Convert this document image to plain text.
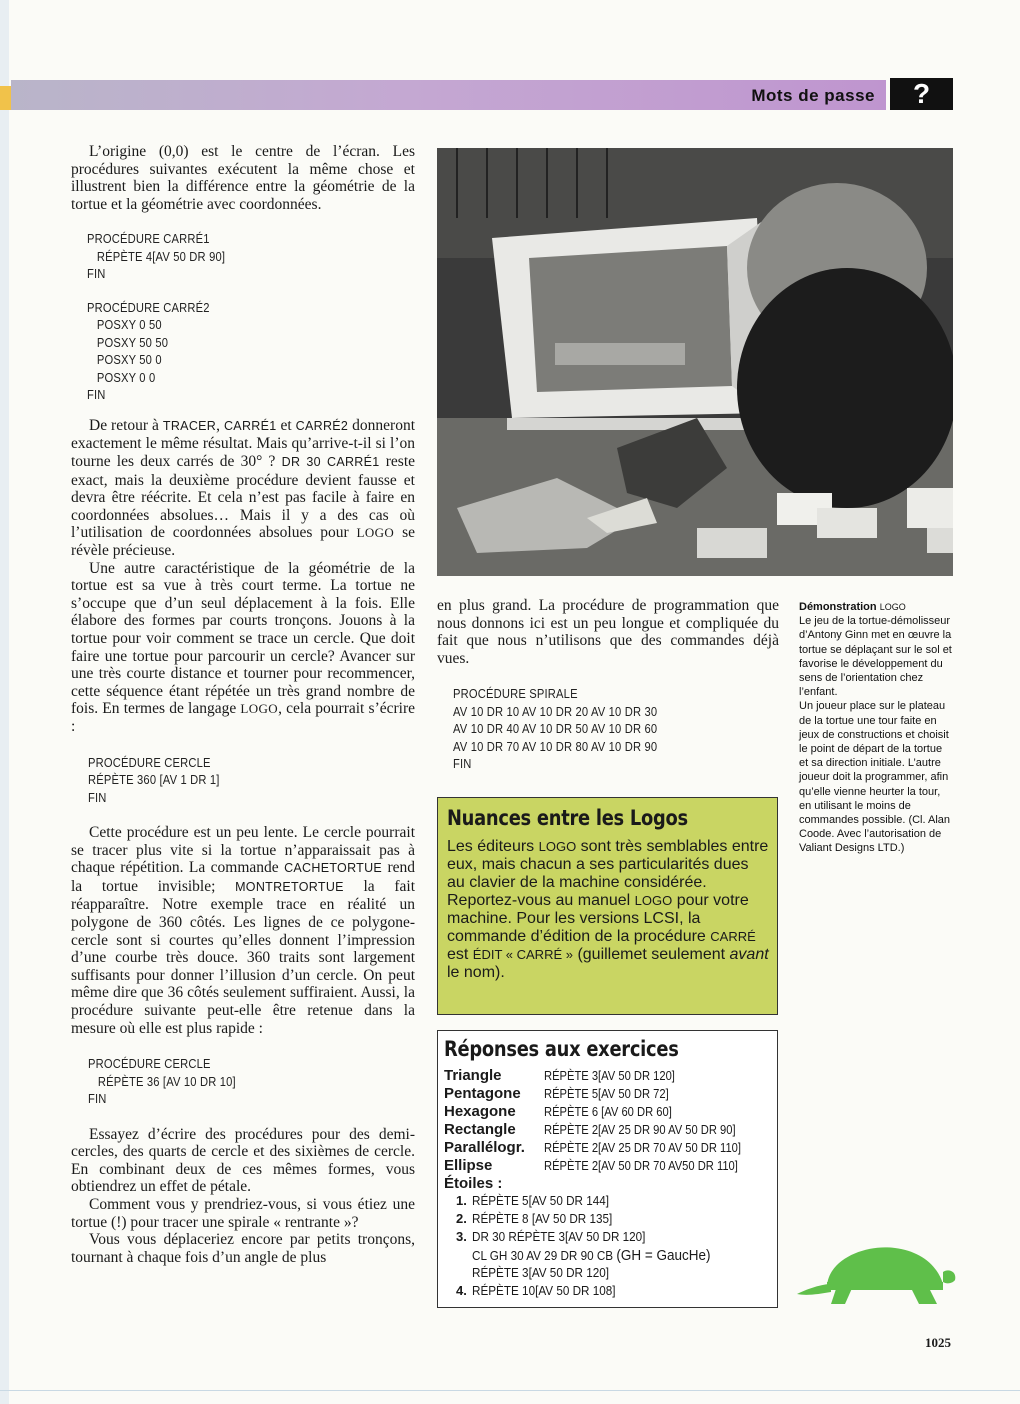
Mots de passe ?

L’origine (0,0) est le centre de l’écran. Les procédures suivantes exécutent la même chose et illustrent bien la différence entre la géométrie de la tortue et la géométrie avec coordonnées.

PROCÉDURE CARRÉ1
RÉPÈTE 4[AV 50 DR 90]
FIN
PROCÉDURE CARRÉ2
POSXY 0 50
POSXY 50 50
POSXY 50 0
POSXY 0 0
FIN

De retour à TRACER, CARRÉ1 et CARRÉ2 donneront exactement le même résultat. Mais qu’arrive-t-il si l’on tourne les deux carrés de 30° ? DR 30 CARRÉ1 reste exact, mais la deuxième procédure devient fausse et devra être réécrite. Et cela n’est pas facile à faire en coordonnées absolues… Mais il y a des cas où l’utilisation de coordonnées absolues pour LOGO se révèle précieuse.

Une autre caractéristique de la géométrie de la tortue est sa vue à très court terme. La tortue ne s’occupe que d’un seul déplacement à la fois. Elle élabore des formes par courts tronçons. Jouons à la tortue pour voir comment se trace un cercle. Que doit faire une tortue pour parcourir un cercle? Avancer sur une très courte distance et tourner pour recommencer, cette séquence étant répétée un très grand nombre de fois. En termes de langage LOGO, cela pourrait s’écrire :

PROCÉDURE CERCLE
RÉPÈTE 360 [AV 1 DR 1]
FIN

Cette procédure est un peu lente. Le cercle pourrait se tracer plus vite si la tortue n’apparaissait pas à chaque répétition. La commande CACHETORTUE rend la tortue invisible; MONTRETORTUE la fait réapparaître. Notre exemple trace en réalité un polygone de 360 côtés. Les lignes de ce polygone-cercle sont si courtes qu’elles donnent l’impression d’une courbe très douce. 360 traits sont largement suffisants pour donner l’illusion d’un cercle. On peut même dire que 36 côtés seulement suffiraient. Aussi, la procédure suivante peut-elle être retenue dans la mesure où elle est plus rapide :

PROCÉDURE CERCLE
RÉPÈTE 36 [AV 10 DR 10]
FIN

Essayez d’écrire des procédures pour des demi-cercles, des quarts de cercle et des sixièmes de cercle. En combinant deux de ces mêmes formes, vous obtiendrez un effet de pétale.

Comment vous y prendriez-vous, si vous étiez une tortue (!) pour tracer une spirale « rentrante »?

Vous vous déplaceriez encore par petits tronçons, tournant à chaque fois d’un angle de plus

en plus grand. La procédure de programmation que nous donnons ici est un peu longue et compliquée du fait que nous n’utilisons que des commandes déjà vues.

PROCÉDURE SPIRALE
AV 10 DR 10 AV 10 DR 20 AV 10 DR 30
AV 10 DR 40 AV 10 DR 50 AV 10 DR 60
AV 10 DR 70 AV 10 DR 80 AV 10 DR 90
FIN
Démonstration LOGO
Le jeu de la tortue-démolisseur d’Antony Ginn met en œuvre la tortue se déplaçant sur le sol et favorise le développement du sens de l’orientation chez l’enfant.
Un joueur place sur le plateau de la tortue une tour faite en jeux de constructions et choisit le point de départ de la tortue et sa direction initiale. L’autre joueur doit la programmer, afin qu’elle vienne heurter la tour, en utilisant le moins de commandes possible. (Cl. Alan Coode. Avec l’autorisation de Valiant Designs LTD.)
Nuances entre les Logos
Les éditeurs LOGO sont très semblables entre eux, mais chacun a ses particularités dues au clavier de la machine considérée. Reportez-vous au manuel LOGO pour votre machine. Pour les versions LCSI, la commande d’édition de la procédure CARRÉ est ÉDIT « CARRÉ » (guillemet seulement avant le nom).
Réponses aux exercices
Triangle	RÉPÈTE 3[AV 50 DR 120]
Pentagone RÉPÈTE 5[AV 50 DR 72]
Hexagone RÉPÈTE 6 [AV 60 DR 60]
Rectangle RÉPÈTE 2[AV 25 DR 90 AV 50 DR 90]
Parallélogr. RÉPÈTE 2[AV 25 DR 70 AV 50 DR 110]
Ellipse	RÉPÈTE 2[AV 50 DR 70 AV50 DR 110]
Étoiles :
1. RÉPÈTE 5[AV 50 DR 144]
2. RÉPÈTE 8 [AV 50 DR 135]
3. DR 30 RÉPÈTE 3[AV 50 DR 120]
CL GH 30 AV 29 DR 90 CB (GH = GaucHe)
RÉPÈTE 3[AV 50 DR 120]
4. RÉPÈTE 10[AV 50 DR 108]
1025
